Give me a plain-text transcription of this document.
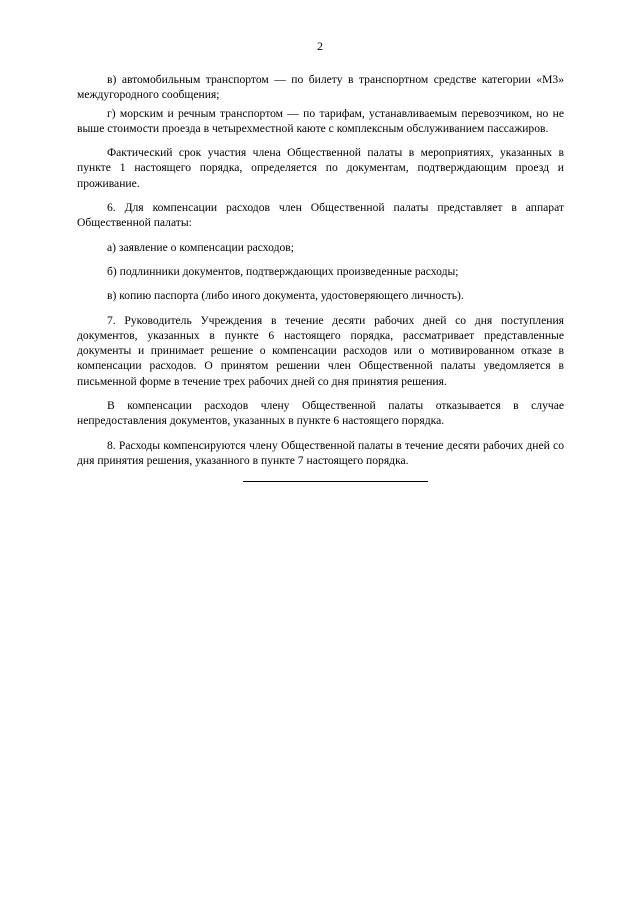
2

в) автомобильным транспортом — по билету в транспортном средстве категории «М3» междугородного сообщения;

г) морским и речным транспортом — по тарифам, устанавливаемым перевозчиком, но не выше стоимости проезда в четырехместной каюте с комплексным обслуживанием пассажиров.

Фактический срок участия члена Общественной палаты в мероприятиях, указанных в пункте 1 настоящего порядка, определяется по документам, подтверждающим проезд и проживание.

6. Для компенсации расходов член Общественной палаты представляет в аппарат Общественной палаты:

а) заявление о компенсации расходов;

б) подлинники документов, подтверждающих произведенные расходы;

в) копию паспорта (либо иного документа, удостоверяющего личность).

7. Руководитель Учреждения в течение десяти рабочих дней со дня поступления документов, указанных в пункте 6 настоящего порядка, рассматривает представленные документы и принимает решение о компенсации расходов или о мотивированном отказе в компенсации расходов. О принятом решении член Общественной палаты уведомляется в письменной форме в течение трех рабочих дней со дня принятия решения.

В компенсации расходов члену Общественной палаты отказывается в случае непредоставления документов, указанных в пункте 6 настоящего порядка.

8. Расходы компенсируются члену Общественной палаты в течение десяти рабочих дней со дня принятия решения, указанного в пункте 7 настоящего порядка.
